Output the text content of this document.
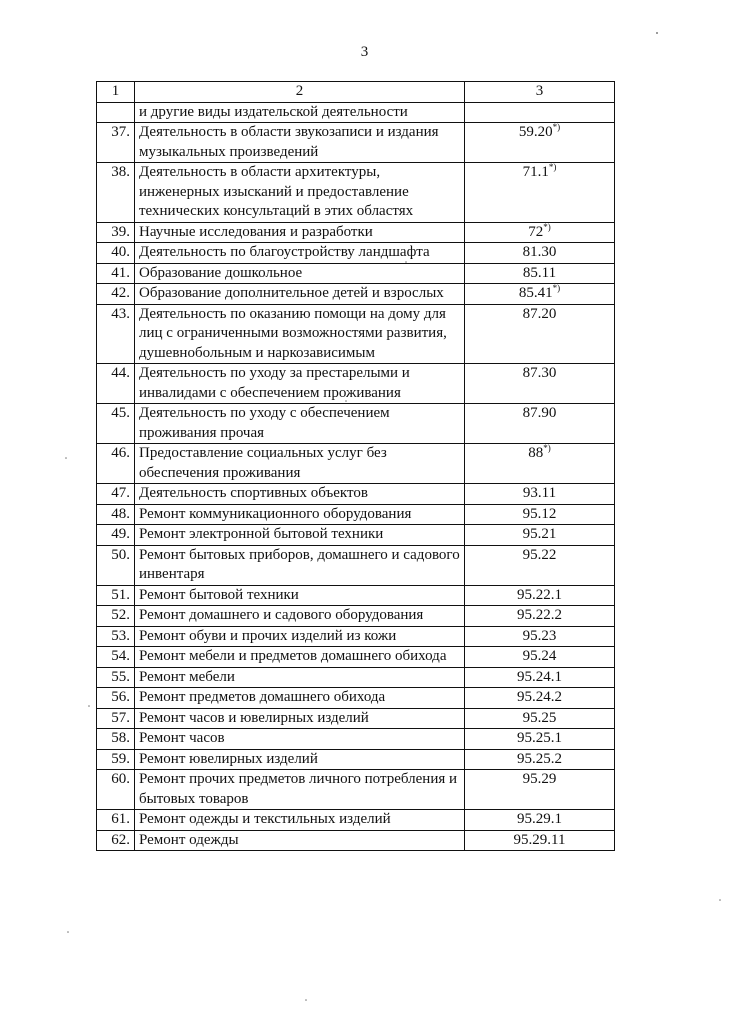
3
1	2	3
	и другие виды издательской деятельности	
37.	Деятельность в области звукозаписи и издания музыкальных произведений	59.20*)
38.	Деятельность в области архитектуры, инженерных изысканий и предоставление технических консультаций в этих областях	71.1*)
39.	Научные исследования и разработки	72*)
40.	Деятельность по благоустройству ландшафта	81.30
41.	Образование дошкольное	85.11
42.	Образование дополнительное детей и взрослых	85.41*)
43.	Деятельность по оказанию помощи на дому для лиц с ограниченными возможностями развития, душевнобольным и наркозависимым	87.20
44.	Деятельность по уходу за престарелыми и инвалидами с обеспечением проживания	87.30
45.	Деятельность по уходу с обеспечением проживания прочая	87.90
46.	Предоставление социальных услуг без обеспечения проживания	88*)
47.	Деятельность спортивных объектов	93.11
48.	Ремонт коммуникационного оборудования	95.12
49.	Ремонт электронной бытовой техники	95.21
50.	Ремонт бытовых приборов, домашнего и садового инвентаря	95.22
51.	Ремонт бытовой техники	95.22.1
52.	Ремонт домашнего и садового оборудования	95.22.2
53.	Ремонт обуви и прочих изделий из кожи	95.23
54.	Ремонт мебели и предметов домашнего обихода	95.24
55.	Ремонт мебели	95.24.1
56.	Ремонт предметов домашнего обихода	95.24.2
57.	Ремонт часов и ювелирных изделий	95.25
58.	Ремонт часов	95.25.1
59.	Ремонт ювелирных изделий	95.25.2
60.	Ремонт прочих предметов личного потребления и бытовых товаров	95.29
61.	Ремонт одежды и текстильных изделий	95.29.1
62.	Ремонт одежды	95.29.11
